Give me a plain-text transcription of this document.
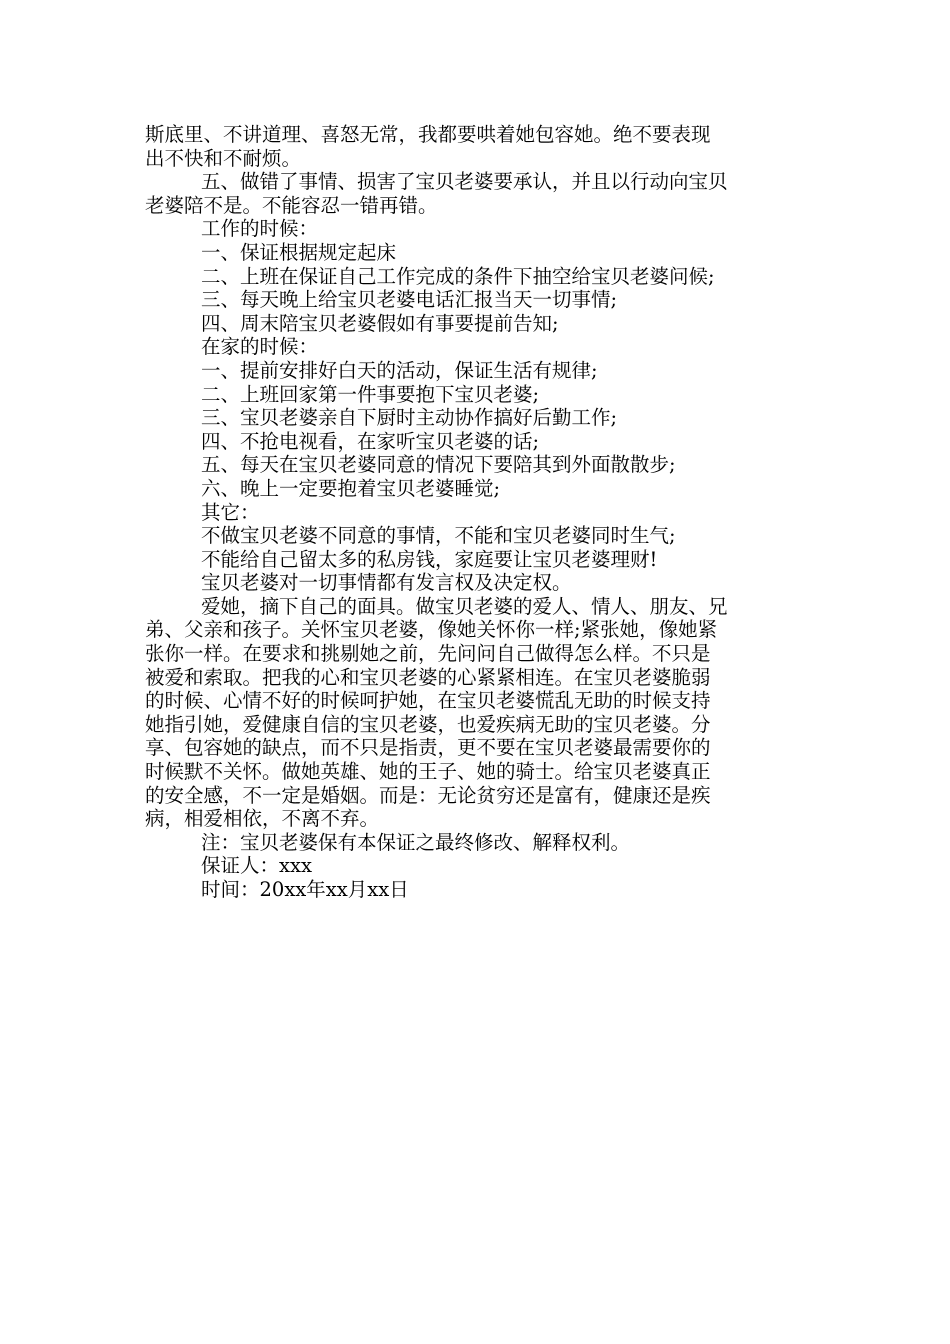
斯底里、不讲道理、喜怒无常，我都要哄着她包容她。绝不要表现
出不快和不耐烦。
五、做错了事情、损害了宝贝老婆要承认，并且以行动向宝贝
老婆陪不是。不能容忍一错再错。
工作的时候：
一、保证根据规定起床
二、上班在保证自己工作完成的条件下抽空给宝贝老婆问候;
三、每天晚上给宝贝老婆电话汇报当天一切事情;
四、周末陪宝贝老婆假如有事要提前告知;
在家的时候：
一、提前安排好白天的活动，保证生活有规律;
二、上班回家第一件事要抱下宝贝老婆;
三、宝贝老婆亲自下厨时主动协作搞好后勤工作;
四、不抢电视看，在家听宝贝老婆的话;
五、每天在宝贝老婆同意的情况下要陪其到外面散散步;
六、晚上一定要抱着宝贝老婆睡觉;
其它：
不做宝贝老婆不同意的事情，不能和宝贝老婆同时生气;
不能给自己留太多的私房钱，家庭要让宝贝老婆理财!
宝贝老婆对一切事情都有发言权及决定权。
爱她，摘下自己的面具。做宝贝老婆的爱人、情人、朋友、兄
弟、父亲和孩子。关怀宝贝老婆，像她关怀你一样;紧张她，像她紧
张你一样。在要求和挑剔她之前，先问问自己做得怎么样。不只是
被爱和索取。把我的心和宝贝老婆的心紧紧相连。在宝贝老婆脆弱
的时候、心情不好的时候呵护她，在宝贝老婆慌乱无助的时候支持
她指引她，爱健康自信的宝贝老婆，也爱疾病无助的宝贝老婆。分
享、包容她的缺点，而不只是指责，更不要在宝贝老婆最需要你的
时候默不关怀。做她英雄、她的王子、她的骑士。给宝贝老婆真正
的安全感，不一定是婚姻。而是：无论贫穷还是富有，健康还是疾
病，相爱相依，不离不弃。
注：宝贝老婆保有本保证之最终修改、解释权利。
保证人：xxx
时间：20xx年xx月xx日
